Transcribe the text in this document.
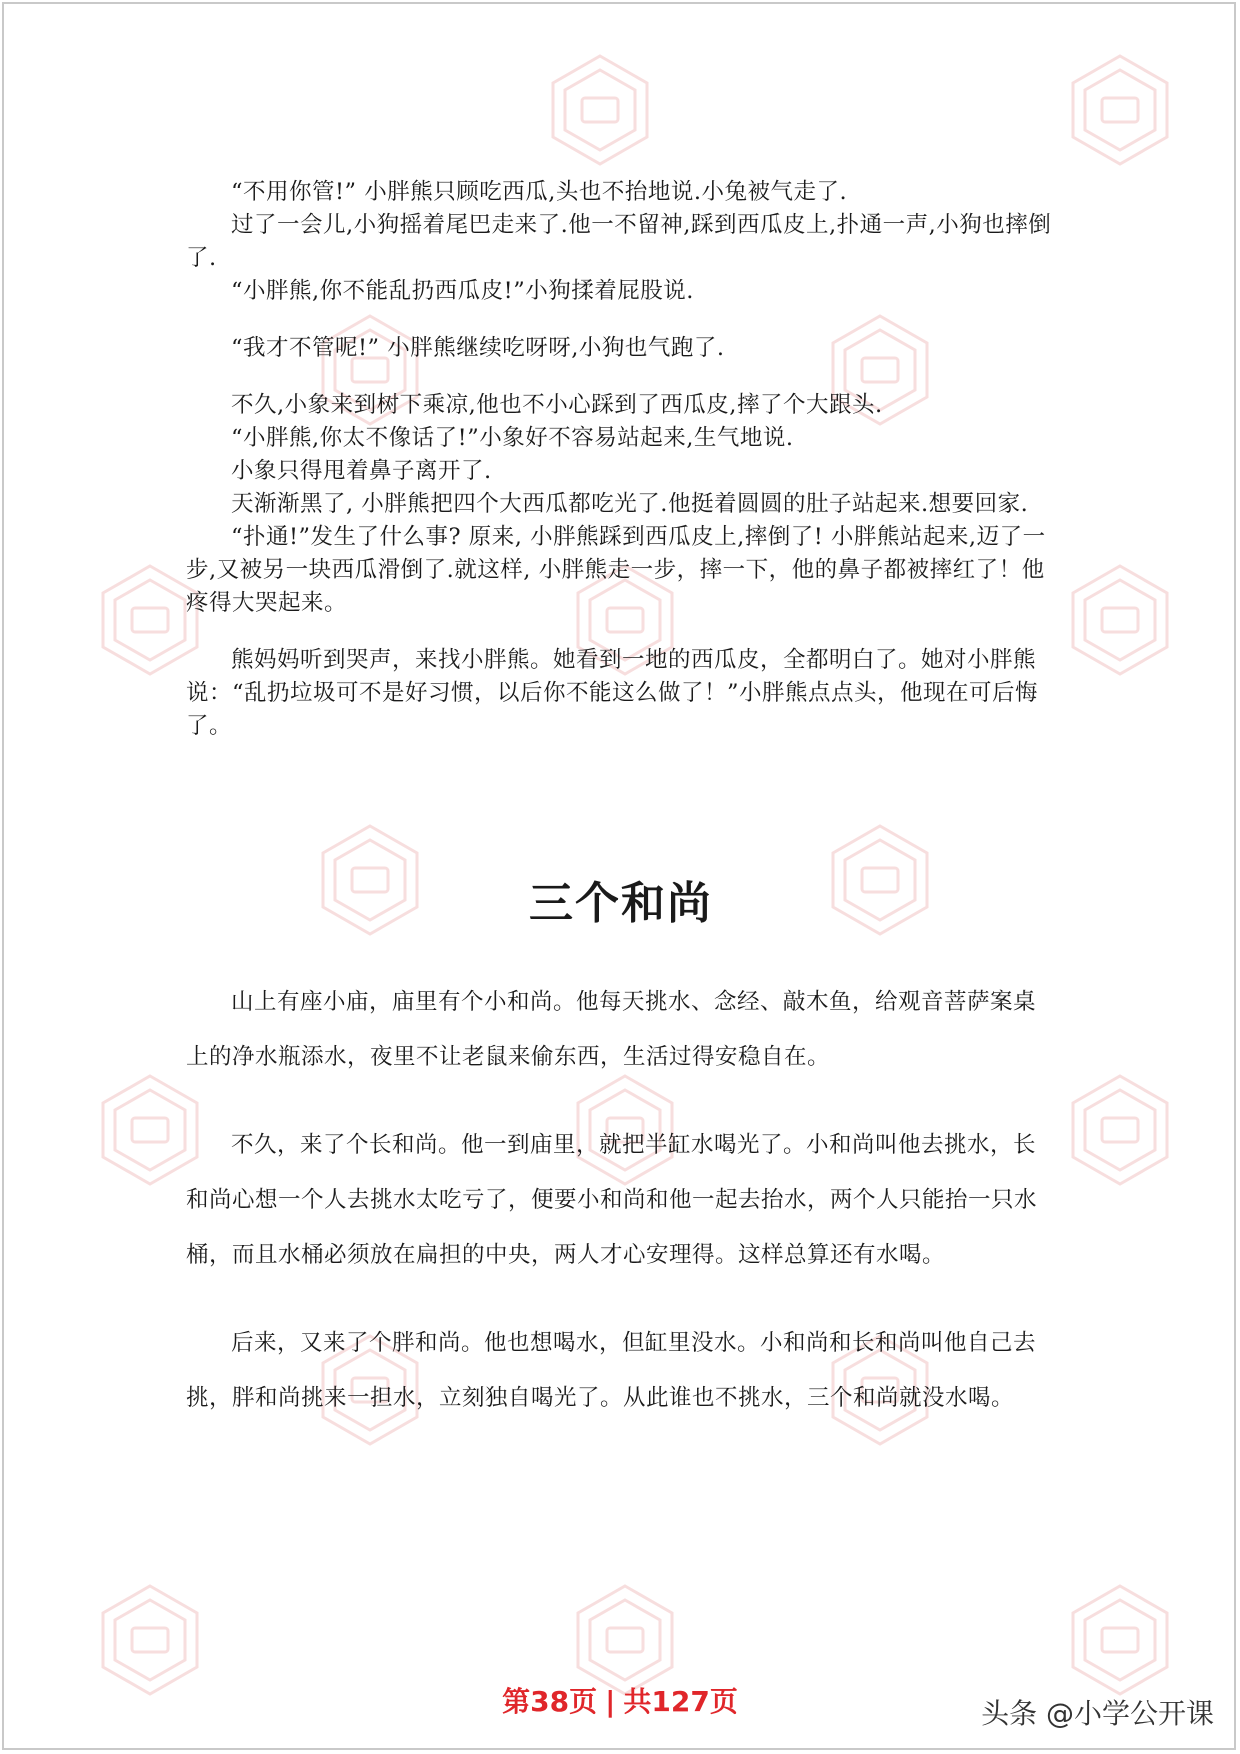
“不用你管!” 小胖熊只顾吃西瓜,头也不抬地说.小兔被气走了.

过了一会儿,小狗摇着尾巴走来了.他一不留神,踩到西瓜皮上,扑通一声,小狗也摔倒了.

“小胖熊,你不能乱扔西瓜皮!”小狗揉着屁股说.

“我才不管呢!” 小胖熊继续吃呀呀,小狗也气跑了.

不久,小象来到树下乘凉,他也不小心踩到了西瓜皮,摔了个大跟头.

“小胖熊,你太不像话了!”小象好不容易站起来,生气地说.

小象只得甩着鼻子离开了.

天渐渐黑了, 小胖熊把四个大西瓜都吃光了.他挺着圆圆的肚子站起来.想要回家.

“扑通!”发生了什么事? 原来, 小胖熊踩到西瓜皮上,摔倒了! 小胖熊站起来,迈了一步,又被另一块西瓜滑倒了.就这样, 小胖熊走一步，摔一下，他的鼻子都被摔红了！他疼得大哭起来。

熊妈妈听到哭声，来找小胖熊。她看到一地的西瓜皮，全都明白了。她对小胖熊说：“乱扔垃圾可不是好习惯，以后你不能这么做了！”小胖熊点点头，他现在可后悔了。

三个和尚

山上有座小庙，庙里有个小和尚。他每天挑水、念经、敲木鱼，给观音菩萨案桌上的净水瓶添水，夜里不让老鼠来偷东西，生活过得安稳自在。

不久，来了个长和尚。他一到庙里，就把半缸水喝光了。小和尚叫他去挑水，长和尚心想一个人去挑水太吃亏了，便要小和尚和他一起去抬水，两个人只能抬一只水桶，而且水桶必须放在扁担的中央，两人才心安理得。这样总算还有水喝。

后来，又来了个胖和尚。他也想喝水，但缸里没水。小和尚和长和尚叫他自己去挑，胖和尚挑来一担水，立刻独自喝光了。从此谁也不挑水，三个和尚就没水喝。

第38页 | 共127页	头条 @小学公开课
